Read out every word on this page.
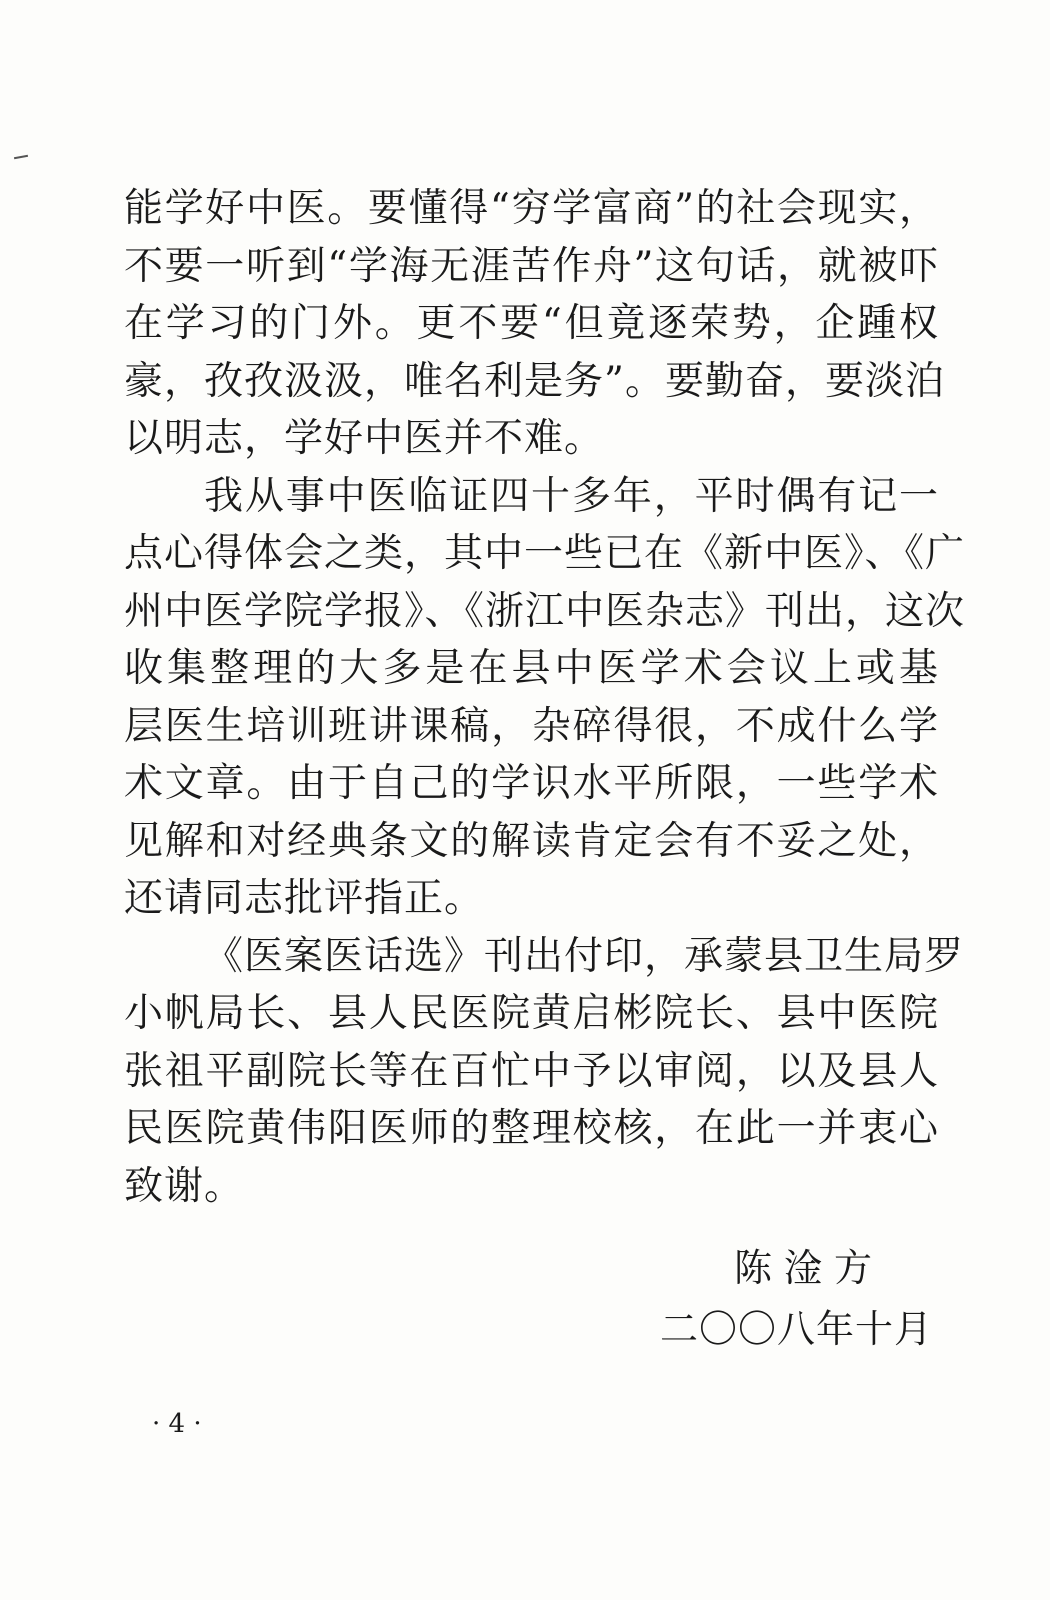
能学好中医。要懂得“穷学富商”的社会现实，
不要一听到“学海无涯苦作舟”这句话，就被吓
在学习的门外。更不要“但竟逐荣势，企踵权
豪，孜孜汲汲，唯名利是务”。要勤奋，要淡泊
以明志，学好中医并不难。
我从事中医临证四十多年，平时偶有记一
点心得体会之类，其中一些已在《新中医》、《广
州中医学院学报》、《浙江中医杂志》刊出，这次
收集整理的大多是在县中医学术会议上或基
层医生培训班讲课稿，杂碎得很，不成什么学
术文章。由于自己的学识水平所限，一些学术
见解和对经典条文的解读肯定会有不妥之处，
还请同志批评指正。
《医案医话选》刊出付印，承蒙县卫生局罗
小帆局长、县人民医院黄启彬院长、县中医院
张祖平副院长等在百忙中予以审阅，以及县人
民医院黄伟阳医师的整理校核，在此一并衷心
致谢。
陈淦方
二〇〇八年十月
· 4 ·
